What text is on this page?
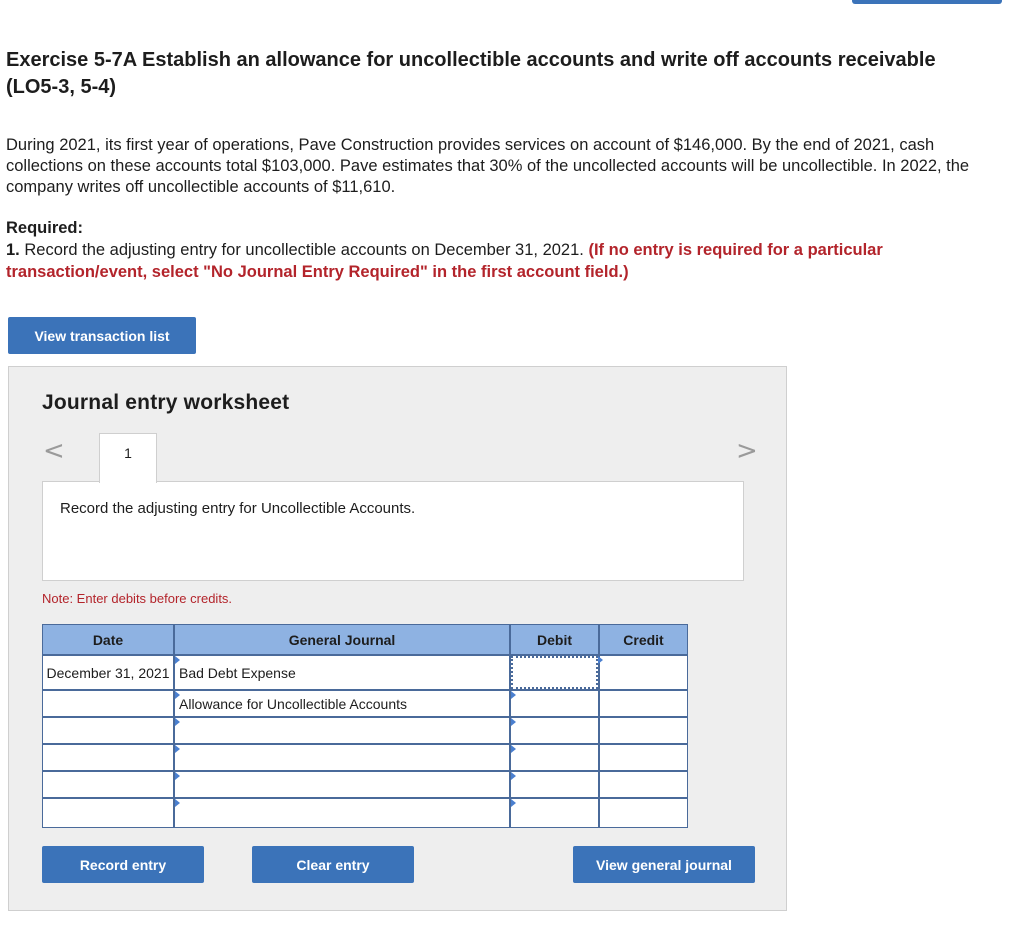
Exercise 5-7A Establish an allowance for uncollectible accounts and write off accounts receivable (LO5-3, 5-4)

During 2021, its first year of operations, Pave Construction provides services on account of $146,000. By the end of 2021, cash collections on these accounts total $103,000. Pave estimates that 30% of the uncollected accounts will be uncollectible. In 2022, the company writes off uncollectible accounts of $11,610.

Required:

1. Record the adjusting entry for uncollectible accounts on December 31, 2021. (If no entry is required for a particular transaction/event, select "No Journal Entry Required" in the first account field.)

View transaction list
Journal entry worksheet
<	>
Record the adjusting entry for Uncollectible Accounts.
1
Note: Enter debits before credits.
Date	General Journal	Debit	Credit
December 31, 2021 Bad Debt Expense
Allowance for Uncollectible Accounts
Record entry	Clear entry	View general journal
